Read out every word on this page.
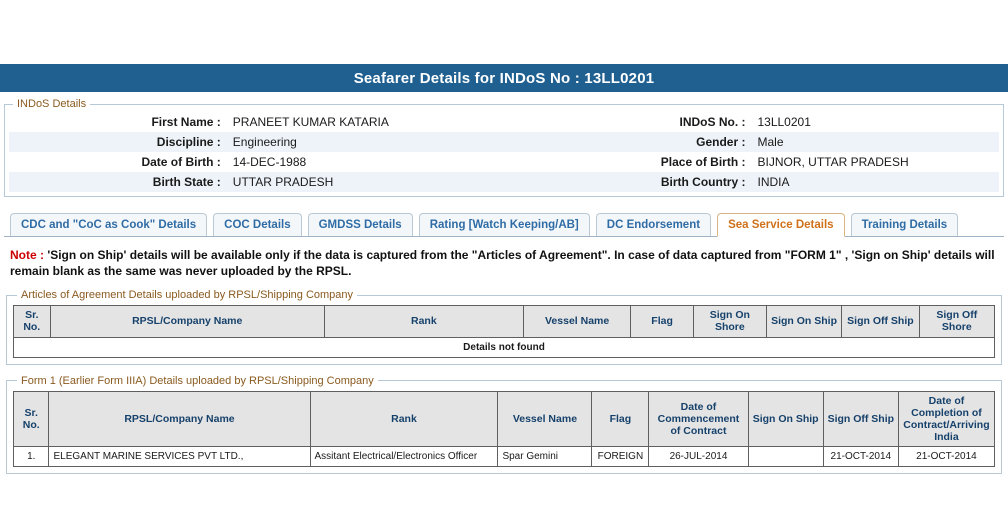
Seafarer Details for INDoS No : 13LL0201
INDoS Details
First Name :	PRANEET KUMAR KATARIA	INDoS No. :	13LL0201
Discipline :	Engineering	Gender :	Male
Date of Birth :	14-DEC-1988	Place of Birth :	BIJNOR, UTTAR PRADESH
Birth State :	UTTAR PRADESH	Birth Country :	INDIA
CDC and "CoC as Cook" Details	COC Details	GMDSS Details	Rating [Watch Keeping/AB]	DC Endorsement	Sea Service Details	Training Details
Note : 'Sign on Ship' details will be available only if the data is captured from the "Articles of Agreement". In case of data captured from "FORM 1" , 'Sign on Ship' details will remain blank as the same was never uploaded by the RPSL.
Articles of Agreement Details uploaded by RPSL/Shipping Company
Sr. No.	RPSL/Company Name	Rank	Vessel Name	Flag	Sign On Shore	Sign On Ship	Sign Off Ship	Sign Off Shore
Details not found
Form 1 (Earlier Form IIIA) Details uploaded by RPSL/Shipping Company
Sr. No.	RPSL/Company Name	Rank	Vessel Name	Flag	Date of Commencement of Contract	Sign On Ship	Sign Off Ship	Date of Completion of Contract/Arriving India
1.	ELEGANT MARINE SERVICES PVT LTD.,	Assitant Electrical/Electronics Officer	Spar Gemini	FOREIGN	26-JUL-2014		21-OCT-2014	21-OCT-2014
